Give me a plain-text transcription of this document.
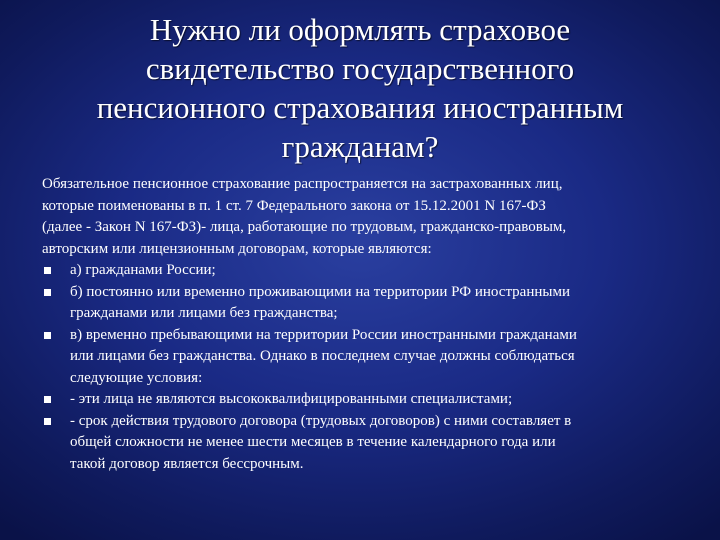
Нужно ли оформлять страховое
свидетельство государственного
пенсионного страхования иностранным
гражданам?
Обязательное пенсионное страхование распространяется на застрахованных лиц,
которые поименованы в п. 1 ст. 7 Федерального закона от 15.12.2001 N 167-ФЗ
(далее - Закон N 167-ФЗ)- лица, работающие по трудовым, гражданско-правовым,
авторским или лицензионным договорам, которые являются:
а) гражданами России;
б) постоянно или временно проживающими на территории РФ иностранными
гражданами или лицами без гражданства;
в) временно пребывающими на территории России иностранными гражданами
или лицами без гражданства. Однако в последнем случае должны соблюдаться
следующие условия:
- эти лица не являются высококвалифицированными специалистами;
- срок действия трудового договора (трудовых договоров) с ними составляет в
общей сложности не менее шести месяцев в течение календарного года или
такой договор является бессрочным.
